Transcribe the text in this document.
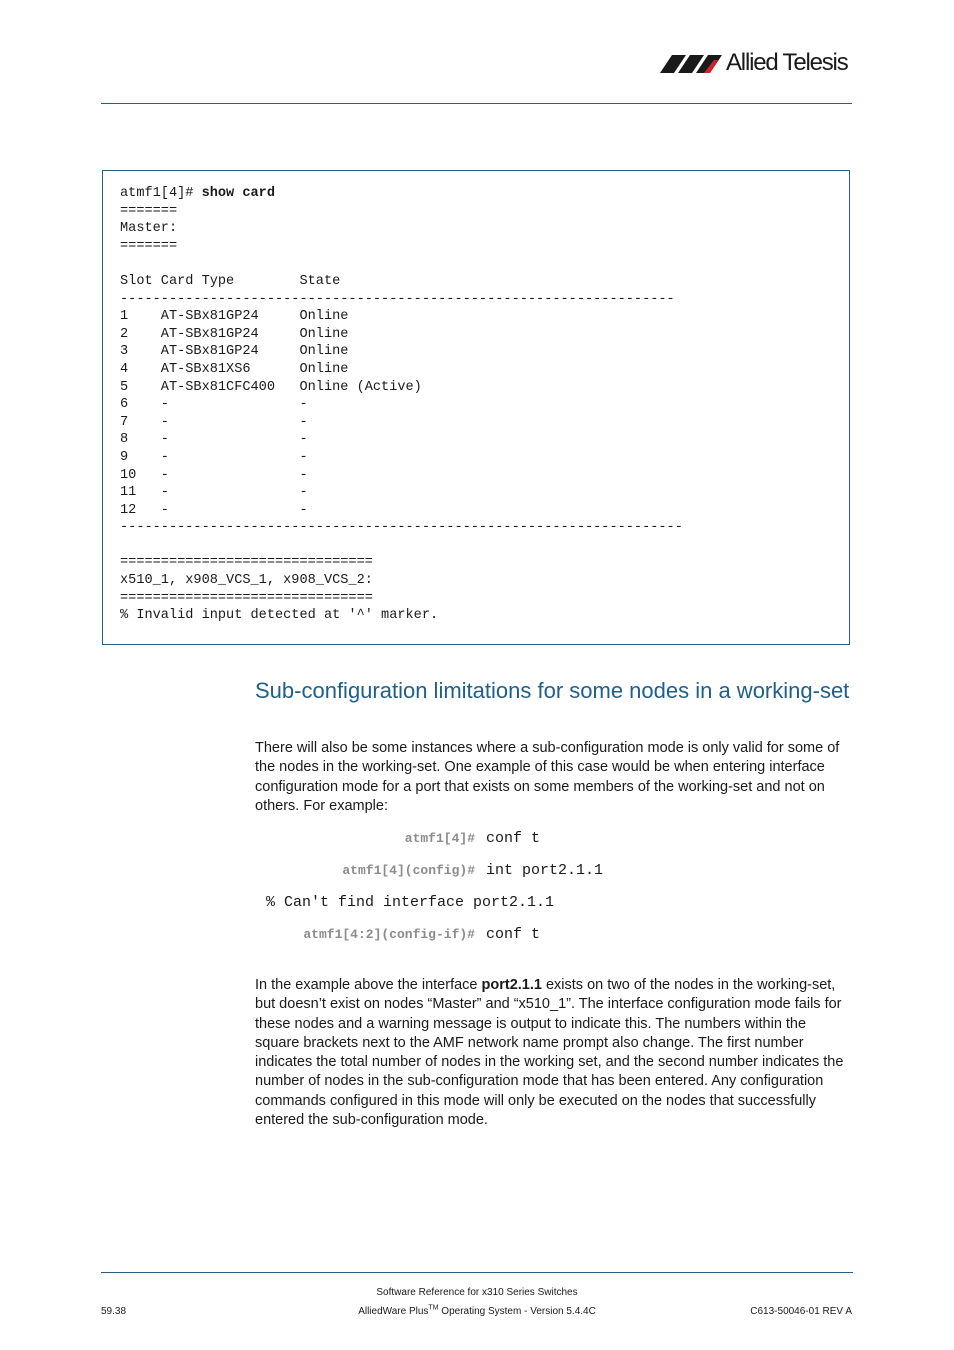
Allied Telesis
atmf1[4]# show card
=======
Master:
=======

Slot Card Type        State
--------------------------------------------------------------------
1    AT-SBx81GP24     Online
2    AT-SBx81GP24     Online
3    AT-SBx81GP24     Online
4    AT-SBx81XS6      Online
5    AT-SBx81CFC400   Online (Active)
6    -                -
7    -                -
8    -                -
9    -                -
10   -                -
11   -                -
12   -                -
---------------------------------------------------------------------

===============================
x510_1, x908_VCS_1, x908_VCS_2:
===============================
% Invalid input detected at '^' marker.
Sub-configuration limitations for some nodes in a working-set

There will also be some instances where a sub-configuration mode is only valid for some of the nodes in the working-set. One example of this case would be when entering interface configuration mode for a port that exists on some members of the working-set and not on others. For example:

atmf1[4]# conf t
atmf1[4](config)# int port2.1.1
% Can't find interface port2.1.1
atmf1[4:2](config-if)# conf t

In the example above the interface port2.1.1 exists on two of the nodes in the working-set, but doesn’t exist on nodes “Master” and “x510_1”. The interface configuration mode fails for these nodes and a warning message is output to indicate this. The numbers within the square brackets next to the AMF network name prompt also change. The first number indicates the total number of nodes in the working set, and the second number indicates the number of nodes in the sub-configuration mode that has been entered. Any configuration commands configured in this mode will only be executed on the nodes that successfully entered the sub-configuration mode.

Software Reference for x310 Series Switches
59.38	AlliedWare Plus™ Operating System - Version 5.4.4C	C613-50046-01 REV A
